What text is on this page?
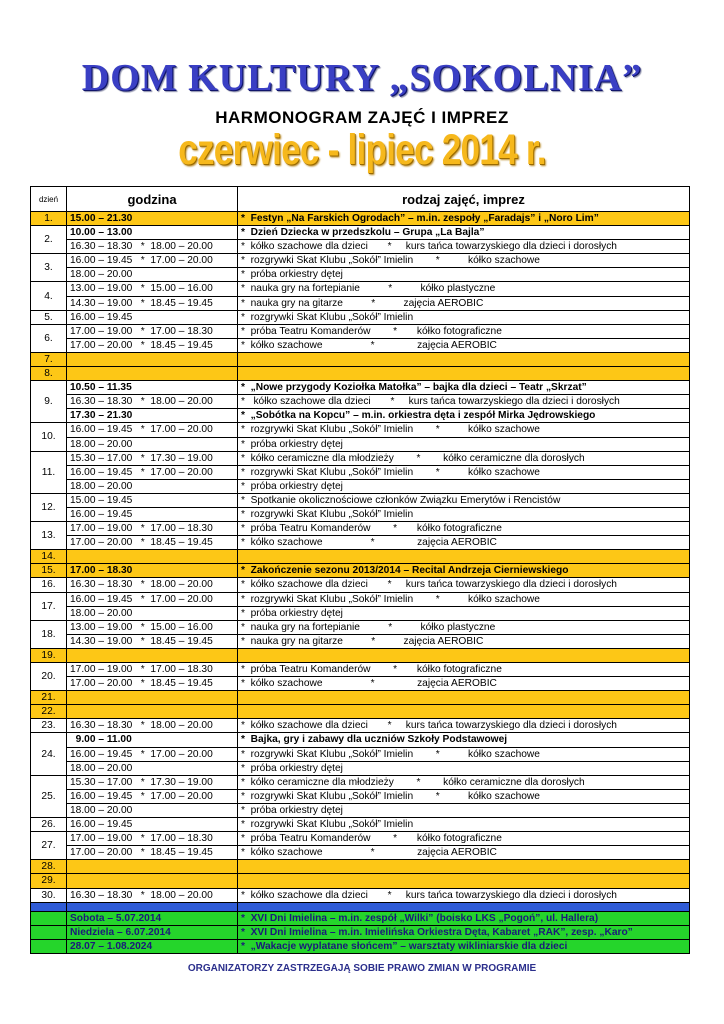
DOM KULTURY „SOKOLNIA”
HARMONOGRAM ZAJĘĆ I IMPREZ
czerwiec - lipiec 2014 r.
dzień	godzina	rodzaj zajęć, imprez
1.	15.00 – 21.30	*  Festyn „Na Farskich Ogrodach” – m.in. zespoły „Faradajs” i „Noro Lim”
2.	10.00 – 13.00	*  Dzień Dziecka w przedszkolu – Grupa „La Bajla”
	16.30 – 18.30   *  18.00 – 20.00	*  kółko szachowe dla dzieci       *     kurs tańca towarzyskiego dla dzieci i dorosłych
3.	16.00 – 19.45   *  17.00 – 20.00	*  rozgrywki Skat Klubu „Sokół” Imielin        *          kółko szachowe
	18.00 – 20.00	*  próba orkiestry dętej
4.	13.00 – 19.00   *  15.00 – 16.00	*  nauka gry na fortepianie          *          kółko plastyczne
	14.30 – 19.00   *  18.45 – 19.45	*  nauka gry na gitarze          *          zajęcia AEROBIC
5.	16.00 – 19.45	*  rozgrywki Skat Klubu „Sokół” Imielin
6.	17.00 – 19.00   *  17.00 – 18.30	*  próba Teatru Komanderów        *       kółko fotograficzne
	17.00 – 20.00   *  18.45 – 19.45	*  kółko szachowe                 *               zajęcia AEROBIC
7.		
8.		
9.	10.50 – 11.35	*  „Nowe przygody Koziołka Matołka” – bajka dla dzieci – Teatr „Skrzat”
	16.30 – 18.30   *  18.00 – 20.00	*   kółko szachowe dla dzieci       *     kurs tańca towarzyskiego dla dzieci i dorosłych
	17.30 – 21.30	*  „Sobótka na Kopcu” – m.in. orkiestra dęta i zespół Mirka Jędrowskiego
10.	16.00 – 19.45   *  17.00 – 20.00	*  rozgrywki Skat Klubu „Sokół” Imielin        *          kółko szachowe
	18.00 – 20.00	*  próba orkiestry dętej
11.	15.30 – 17.00   *  17.30 – 19.00	*  kółko ceramiczne dla młodzieży        *        kółko ceramiczne dla dorosłych
	16.00 – 19.45   *  17.00 – 20.00	*  rozgrywki Skat Klubu „Sokół” Imielin        *          kółko szachowe
	18.00 – 20.00	*  próba orkiestry dętej
12.	15.00 – 19.45	*  Spotkanie okolicznościowe członków Związku Emerytów i Rencistów
	16.00 – 19.45	*  rozgrywki Skat Klubu „Sokół” Imielin
13.	17.00 – 19.00   *  17.00 – 18.30	*  próba Teatru Komanderów        *       kółko fotograficzne
	17.00 – 20.00   *  18.45 – 19.45	*  kółko szachowe                 *               zajęcia AEROBIC
14.		
15.	17.00 – 18.30	*  Zakończenie sezonu 2013/2014 – Recital Andrzeja Cierniewskiego
16.	16.30 – 18.30   *  18.00 – 20.00	*  kółko szachowe dla dzieci       *     kurs tańca towarzyskiego dla dzieci i dorosłych
17.	16.00 – 19.45   *  17.00 – 20.00	*  rozgrywki Skat Klubu „Sokół” Imielin        *          kółko szachowe
	18.00 – 20.00	*  próba orkiestry dętej
18.	13.00 – 19.00   *  15.00 – 16.00	*  nauka gry na fortepianie          *          kółko plastyczne
	14.30 – 19.00   *  18.45 – 19.45	*  nauka gry na gitarze          *          zajęcia AEROBIC
19.		
20.	17.00 – 19.00   *  17.00 – 18.30	*  próba Teatru Komanderów        *       kółko fotograficzne
	17.00 – 20.00   *  18.45 – 19.45	*  kółko szachowe                 *               zajęcia AEROBIC
21.		
22.		
23.	16.30 – 18.30   *  18.00 – 20.00	*  kółko szachowe dla dzieci       *     kurs tańca towarzyskiego dla dzieci i dorosłych
24.	9.00 – 11.00	*  Bajka, gry i zabawy dla uczniów Szkoły Podstawowej
	16.00 – 19.45   *  17.00 – 20.00	*  rozgrywki Skat Klubu „Sokół” Imielin        *          kółko szachowe
	18.00 – 20.00	*  próba orkiestry dętej
25.	15.30 – 17.00   *  17.30 – 19.00	*  kółko ceramiczne dla młodzieży        *        kółko ceramiczne dla dorosłych
	16.00 – 19.45   *  17.00 – 20.00	*  rozgrywki Skat Klubu „Sokół” Imielin        *          kółko szachowe
	18.00 – 20.00	*  próba orkiestry dętej
26.	16.00 – 19.45	*  rozgrywki Skat Klubu „Sokół” Imielin
27.	17.00 – 19.00   *  17.00 – 18.30	*  próba Teatru Komanderów        *       kółko fotograficzne
	17.00 – 20.00   *  18.45 – 19.45	*  kółko szachowe                 *               zajęcia AEROBIC
28.		
29.		
30.	16.30 – 18.30   *  18.00 – 20.00	*  kółko szachowe dla dzieci       *     kurs tańca towarzyskiego dla dzieci i dorosłych

	Sobota – 5.07.2014	*  XVI Dni Imielina – m.in. zespół „Wilki” (boisko LKS „Pogoń”, ul. Hallera)
	Niedziela – 6.07.2014	*  XVI Dni Imielina – m.in. Imielińska Orkiestra Dęta, Kabaret „RAK”, zesp. „Karo”
	28.07 – 1.08.2024	*  „Wakacje wyplatane słońcem” – warsztaty wikliniarskie dla dzieci
ORGANIZATORZY ZASTRZEGAJĄ SOBIE PRAWO ZMIAN W PROGRAMIE
